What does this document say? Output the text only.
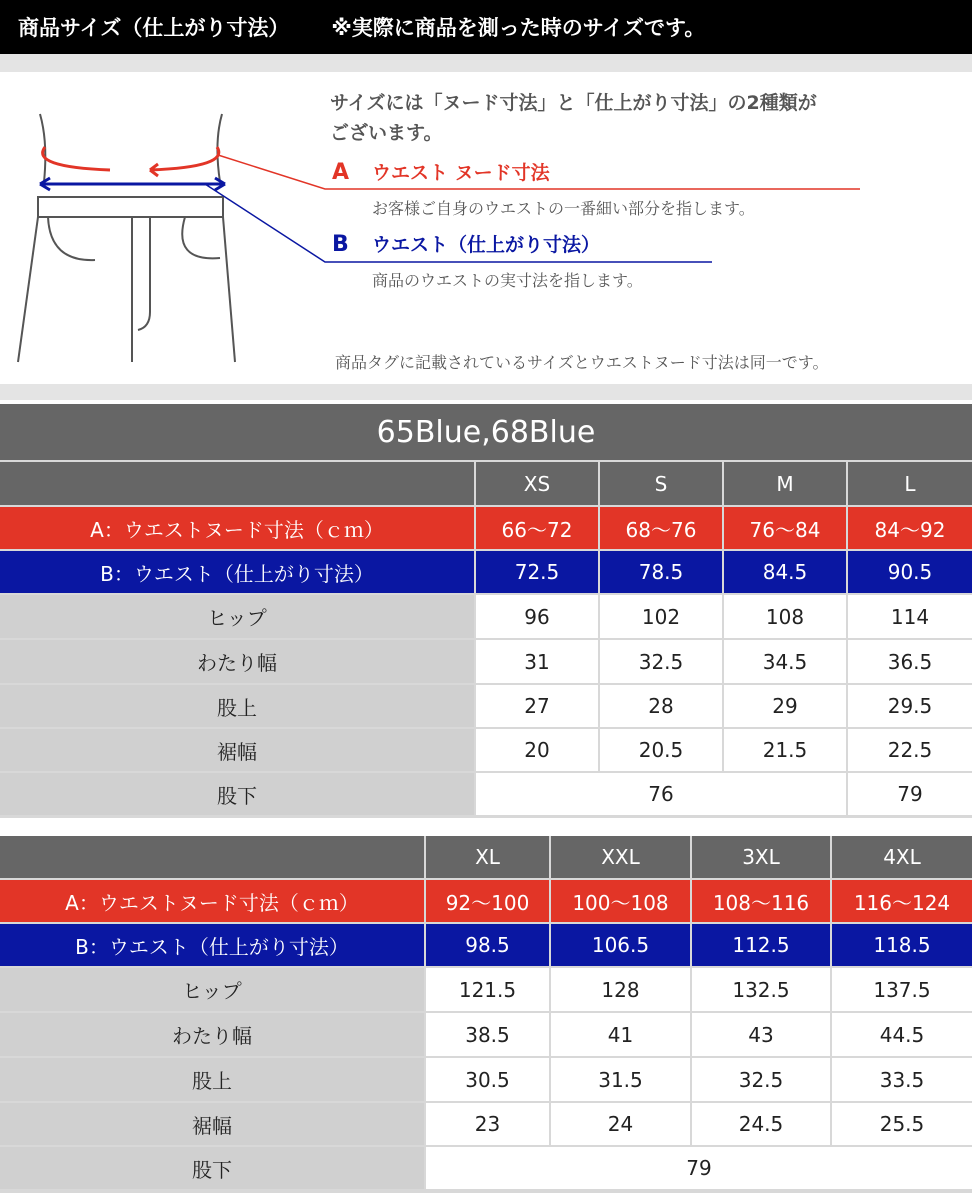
商品サイズ（仕上がり寸法） ※実際に商品を測った時のサイズです。
サイズには「ヌード寸法」と「仕上がり寸法」の2種類が
ございます。
A ウエスト ヌード寸法
お客様ご自身のウエストの一番細い部分を指します。
B ウエスト（仕上がり寸法）
商品のウエストの実寸法を指します。
商品タグに記載されているサイズとウエストヌード寸法は同一です。
65Blue,68Blue
XS	S	M	L
A：ウエストヌード寸法（ｃｍ）	66〜72	68〜76	76〜84	84〜92
B：ウエスト（仕上がり寸法）	72.5	78.5	84.5	90.5
ヒップ	96	102	108	114
わたり幅	31	32.5	34.5	36.5
股上	27	28	29	29.5
裾幅	20	20.5	21.5	22.5
股下	76	79
XL	XXL	3XL	4XL
A：ウエストヌード寸法（ｃｍ）	92〜100	100〜108	108〜116	116〜124
B：ウエスト（仕上がり寸法）	98.5	106.5	112.5	118.5
ヒップ	121.5	128	132.5	137.5
わたり幅	38.5	41	43	44.5
股上	30.5	31.5	32.5	33.5
裾幅	23	24	24.5	25.5
股下	79
